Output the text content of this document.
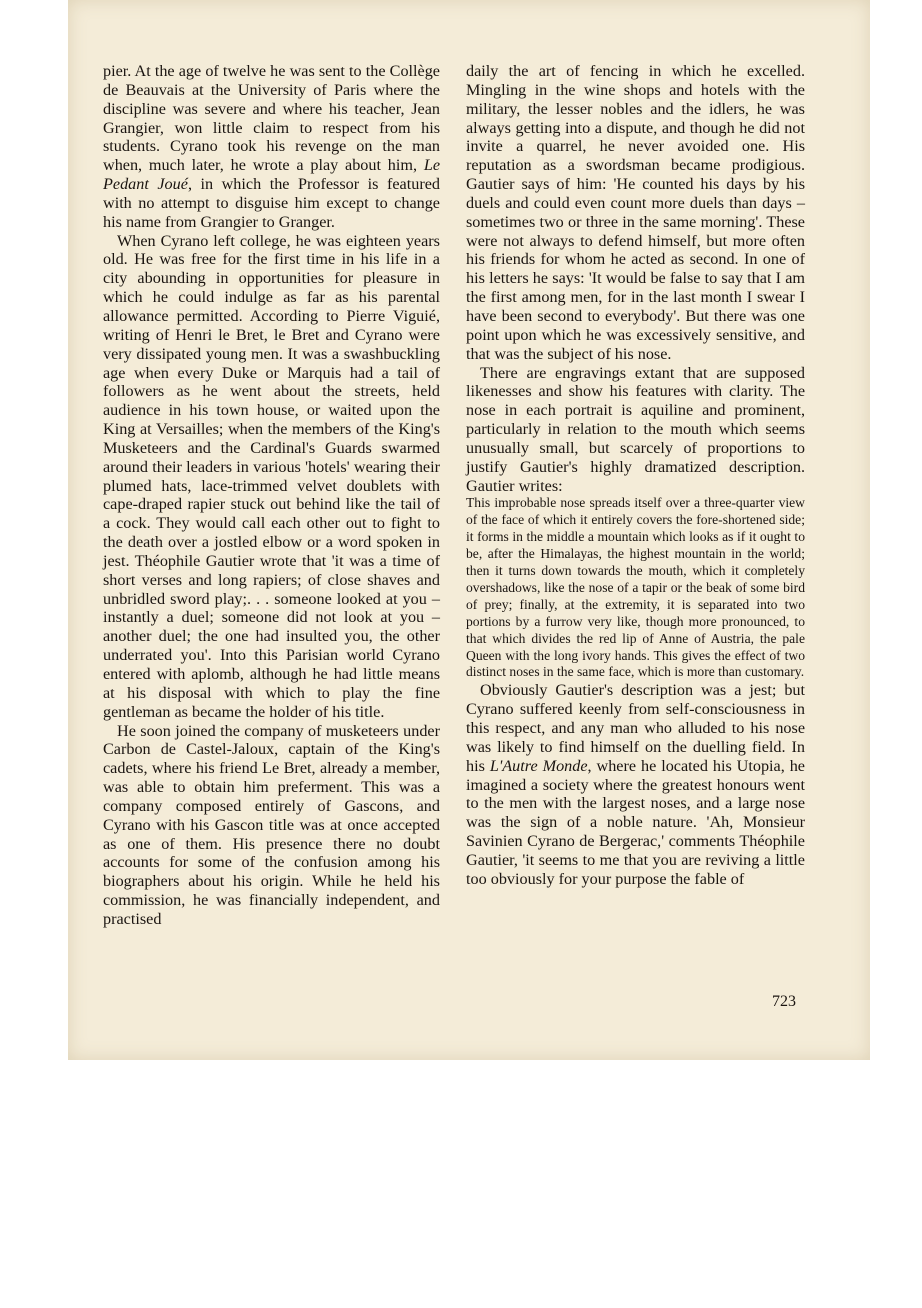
pier. At the age of twelve he was sent to the Collège de Beauvais at the University of Paris where the discipline was severe and where his teacher, Jean Grangier, won little claim to respect from his students. Cyrano took his revenge on the man when, much later, he wrote a play about him, Le Pedant Joué, in which the Professor is featured with no attempt to disguise him except to change his name from Grangier to Granger.

When Cyrano left college, he was eighteen years old. He was free for the first time in his life in a city abounding in opportunities for pleasure in which he could indulge as far as his parental allowance permitted. According to Pierre Viguié, writing of Henri le Bret, le Bret and Cyrano were very dissipated young men. It was a swashbuckling age when every Duke or Marquis had a tail of followers as he went about the streets, held audience in his town house, or waited upon the King at Versailles; when the members of the King's Musketeers and the Cardinal's Guards swarmed around their leaders in various 'hotels' wearing their plumed hats, lace-trimmed velvet doublets with cape-draped rapier stuck out behind like the tail of a cock. They would call each other out to fight to the death over a jostled elbow or a word spoken in jest. Théophile Gautier wrote that 'it was a time of short verses and long rapiers; of close shaves and unbridled sword play;. . . someone looked at you – instantly a duel; someone did not look at you – another duel; the one had insulted you, the other underrated you'. Into this Parisian world Cyrano entered with aplomb, although he had little means at his disposal with which to play the fine gentleman as became the holder of his title.

He soon joined the company of musketeers under Carbon de Castel-Jaloux, captain of the King's cadets, where his friend Le Bret, already a member, was able to obtain him preferment. This was a company composed entirely of Gascons, and Cyrano with his Gascon title was at once accepted as one of them. His presence there no doubt accounts for some of the confusion among his biographers about his origin. While he held his commission, he was financially independent, and practised

daily the art of fencing in which he excelled. Mingling in the wine shops and hotels with the military, the lesser nobles and the idlers, he was always getting into a dispute, and though he did not invite a quarrel, he never avoided one. His reputation as a swordsman became prodigious. Gautier says of him: 'He counted his days by his duels and could even count more duels than days – sometimes two or three in the same morning'. These were not always to defend himself, but more often his friends for whom he acted as second. In one of his letters he says: 'It would be false to say that I am the first among men, for in the last month I swear I have been second to everybody'. But there was one point upon which he was excessively sensitive, and that was the subject of his nose.

There are engravings extant that are supposed likenesses and show his features with clarity. The nose in each portrait is aquiline and prominent, particularly in relation to the mouth which seems unusually small, but scarcely of proportions to justify Gautier's highly dramatized description. Gautier writes:

This improbable nose spreads itself over a three-quarter view of the face of which it entirely covers the fore-shortened side; it forms in the middle a mountain which looks as if it ought to be, after the Himalayas, the highest mountain in the world; then it turns down towards the mouth, which it completely overshadows, like the nose of a tapir or the beak of some bird of prey; finally, at the extremity, it is separated into two portions by a furrow very like, though more pronounced, to that which divides the red lip of Anne of Austria, the pale Queen with the long ivory hands. This gives the effect of two distinct noses in the same face, which is more than customary.

Obviously Gautier's description was a jest; but Cyrano suffered keenly from self-consciousness in this respect, and any man who alluded to his nose was likely to find himself on the duelling field. In his L'Autre Monde, where he located his Utopia, he imagined a society where the greatest honours went to the men with the largest noses, and a large nose was the sign of a noble nature. 'Ah, Monsieur Savinien Cyrano de Bergerac,' comments Théophile Gautier, 'it seems to me that you are reviving a little too obviously for your purpose the fable of

723
